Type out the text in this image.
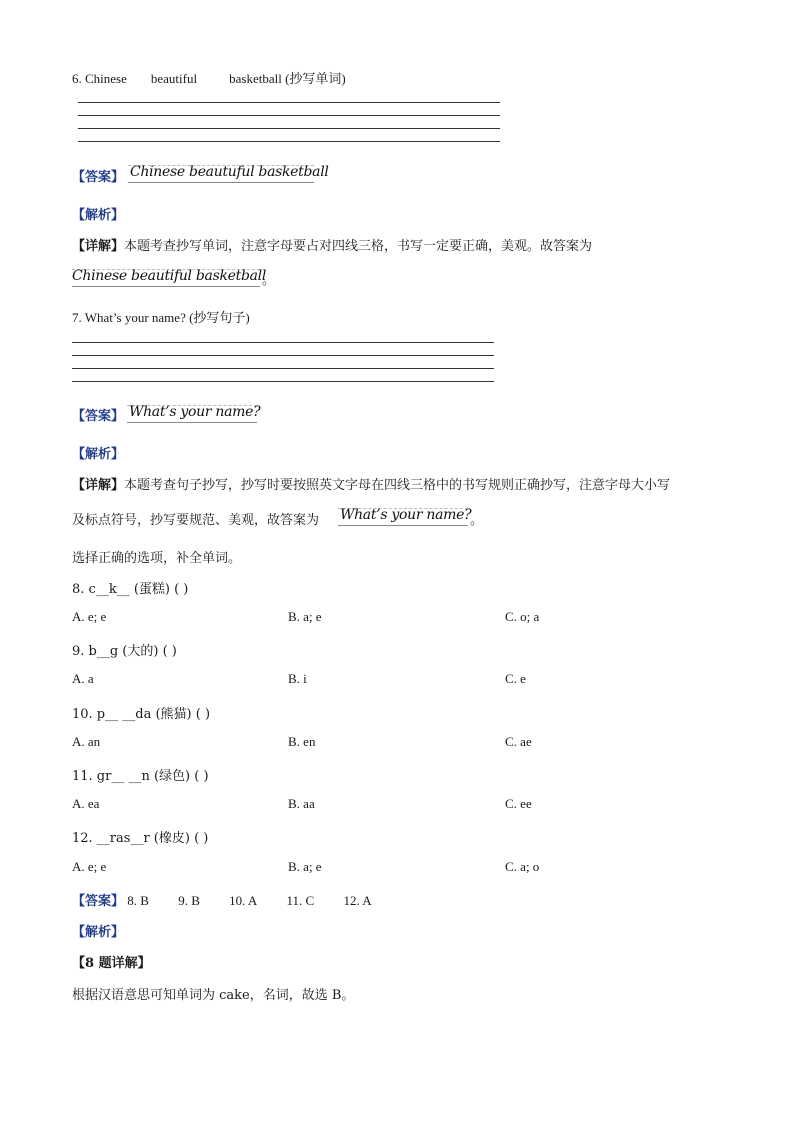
6. Chinese beautiful basketball (抄写单词)
【答案】 Chinese beautuful basketball
【解析】
【详解】本题考查抄写单词，注意字母要占对四线三格，书写一定要正确，美观。故答案为
Chinese beautiful basketball
。
7. What’s your name? (抄写句子)
【答案】 What’s your name?
【解析】
【详解】本题考查句子抄写，抄写时要按照英文字母在四线三格中的书写规则正确抄写，注意字母大小写
及标点符号，抄写要规范、美观，故答案为 What’s your name?
。
选择正确的选项，补全单词。
8. c__k__ (蛋糕) ( )
A. e; e	B. a; e	C. o; a
9. b__g (大的) ( )
A. a	B. i	C. e
10. p__ __da (熊猫) ( )
A. an	B. en	C. ae
11. gr__ __n (绿色) ( )
A. ea	B. aa	C. ee
12. __ras__r (橡皮) ( )
A. e; e	B. a; e	C. a; o
【答案】 8. B 9. B 10. A 11. C 12. A
【解析】
【8 题详解】
根据汉语意思可知单词为 cake，名词，故选 B。
